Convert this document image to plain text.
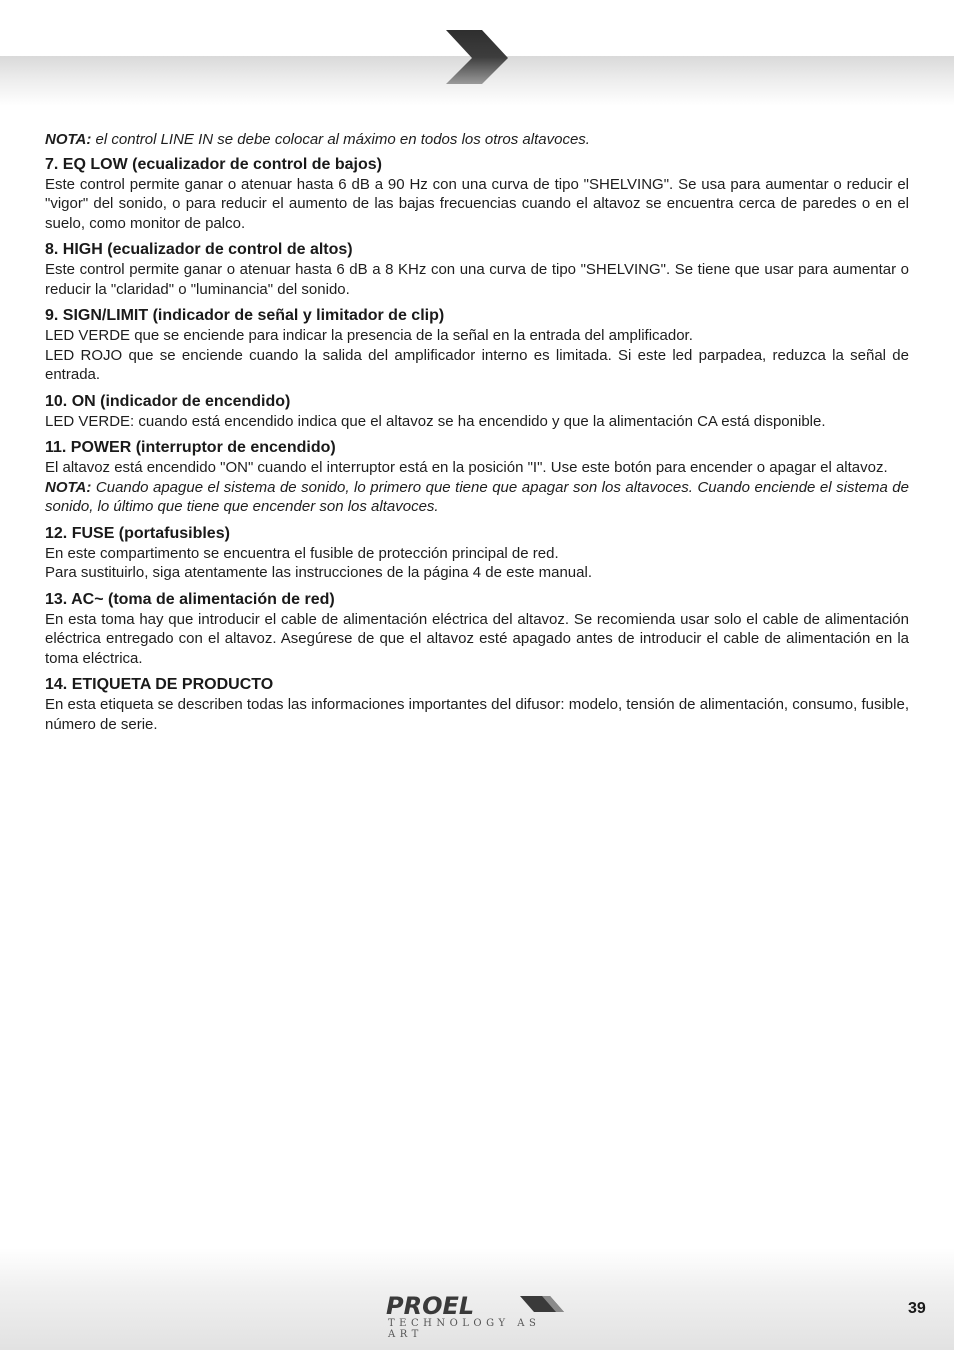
NOTA: el control LINE IN se debe colocar al máximo en todos los otros altavoces.

7. EQ LOW (ecualizador de control de bajos)

Este control permite ganar o atenuar hasta 6 dB a 90 Hz con una curva de tipo "SHELVING". Se usa para aumentar o reducir el "vigor" del sonido, o para reducir el aumento de las bajas frecuencias cuando el altavoz se encuentra cerca de paredes o en el suelo, como monitor de palco.

8. HIGH (ecualizador de control de altos)

Este control permite ganar o atenuar hasta 6 dB a 8 KHz con una curva de tipo "SHELVING". Se tiene que usar para aumentar o reducir la "claridad" o "luminancia" del sonido.

9. SIGN/LIMIT (indicador de señal y limitador de clip)

LED VERDE que se enciende para indicar la presencia de la señal en la entrada del amplificador.

LED ROJO que se enciende cuando la salida del amplificador interno es limitada. Si este led parpadea, reduzca la señal de entrada.

10. ON (indicador de encendido)

LED VERDE: cuando está encendido indica que el altavoz se ha encendido y que la alimentación CA está disponible.

11. POWER (interruptor de encendido)

El altavoz está encendido "ON" cuando el interruptor está en la posición "I". Use este botón para encender o apagar el altavoz.

NOTA: Cuando apague el sistema de sonido, lo primero que tiene que apagar son los altavoces. Cuando enciende el sistema de sonido, lo último que tiene que encender son los altavoces.

12. FUSE (portafusibles)

En este compartimento se encuentra el fusible de protección principal de red.

Para sustituirlo, siga atentamente las instrucciones de la página 4 de este manual.

13. AC~ (toma de alimentación de red)

En esta toma hay que introducir el cable de alimentación eléctrica del altavoz. Se recomienda usar solo el cable de alimentación eléctrica entregado con el altavoz. Asegúrese de que el altavoz esté apagado antes de introducir el cable de alimentación en la toma eléctrica.

14. ETIQUETA DE PRODUCTO

En esta etiqueta se describen todas las informaciones importantes del difusor: modelo, tensión de alimentación, consumo, fusible, número de serie.

PROEL
TECHNOLOGY AS ART
39
